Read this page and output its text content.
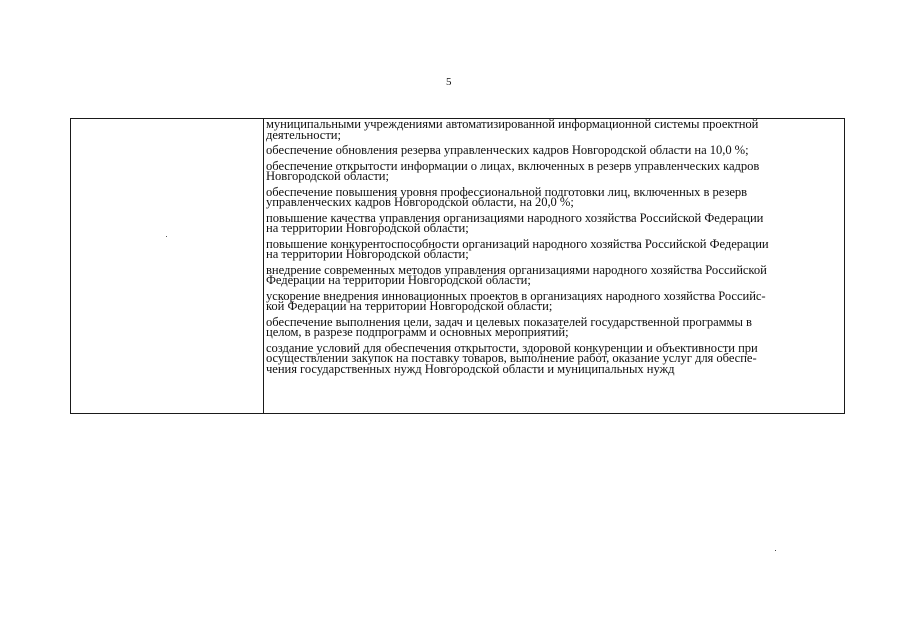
5
муниципальными учреждениями автоматизированной информационной системы проектной
деятельности;
обеспечение обновления резерва управленческих кадров Новгородской области на 10,0 %;
обеспечение открытости информации о лицах, включенных в резерв управленческих кадров
Новгородской области;
обеспечение повышения уровня профессиональной подготовки лиц, включенных в резерв
управленческих кадров Новгородской области, на 20,0 %;
повышение качества управления организациями народного хозяйства Российской Федерации
на территории Новгородской области;
повышение конкурентоспособности организаций народного хозяйства Российской Федерации
на территории Новгородской области;
внедрение современных методов управления организациями народного хозяйства Российской
Федерации на территории Новгородской области;
ускорение внедрения инновационных проектов в организациях народного хозяйства Российс-
кой Федерации на территории Новгородской области;
обеспечение выполнения цели, задач и целевых показателей государственной программы в
целом, в разрезе подпрограмм и основных мероприятий;
создание условий для обеспечения открытости, здоровой конкуренции и объективности при
осуществлении закупок на поставку товаров, выполнение работ, оказание услуг для обеспе-
чения государственных нужд Новгородской области и муниципальных нужд
